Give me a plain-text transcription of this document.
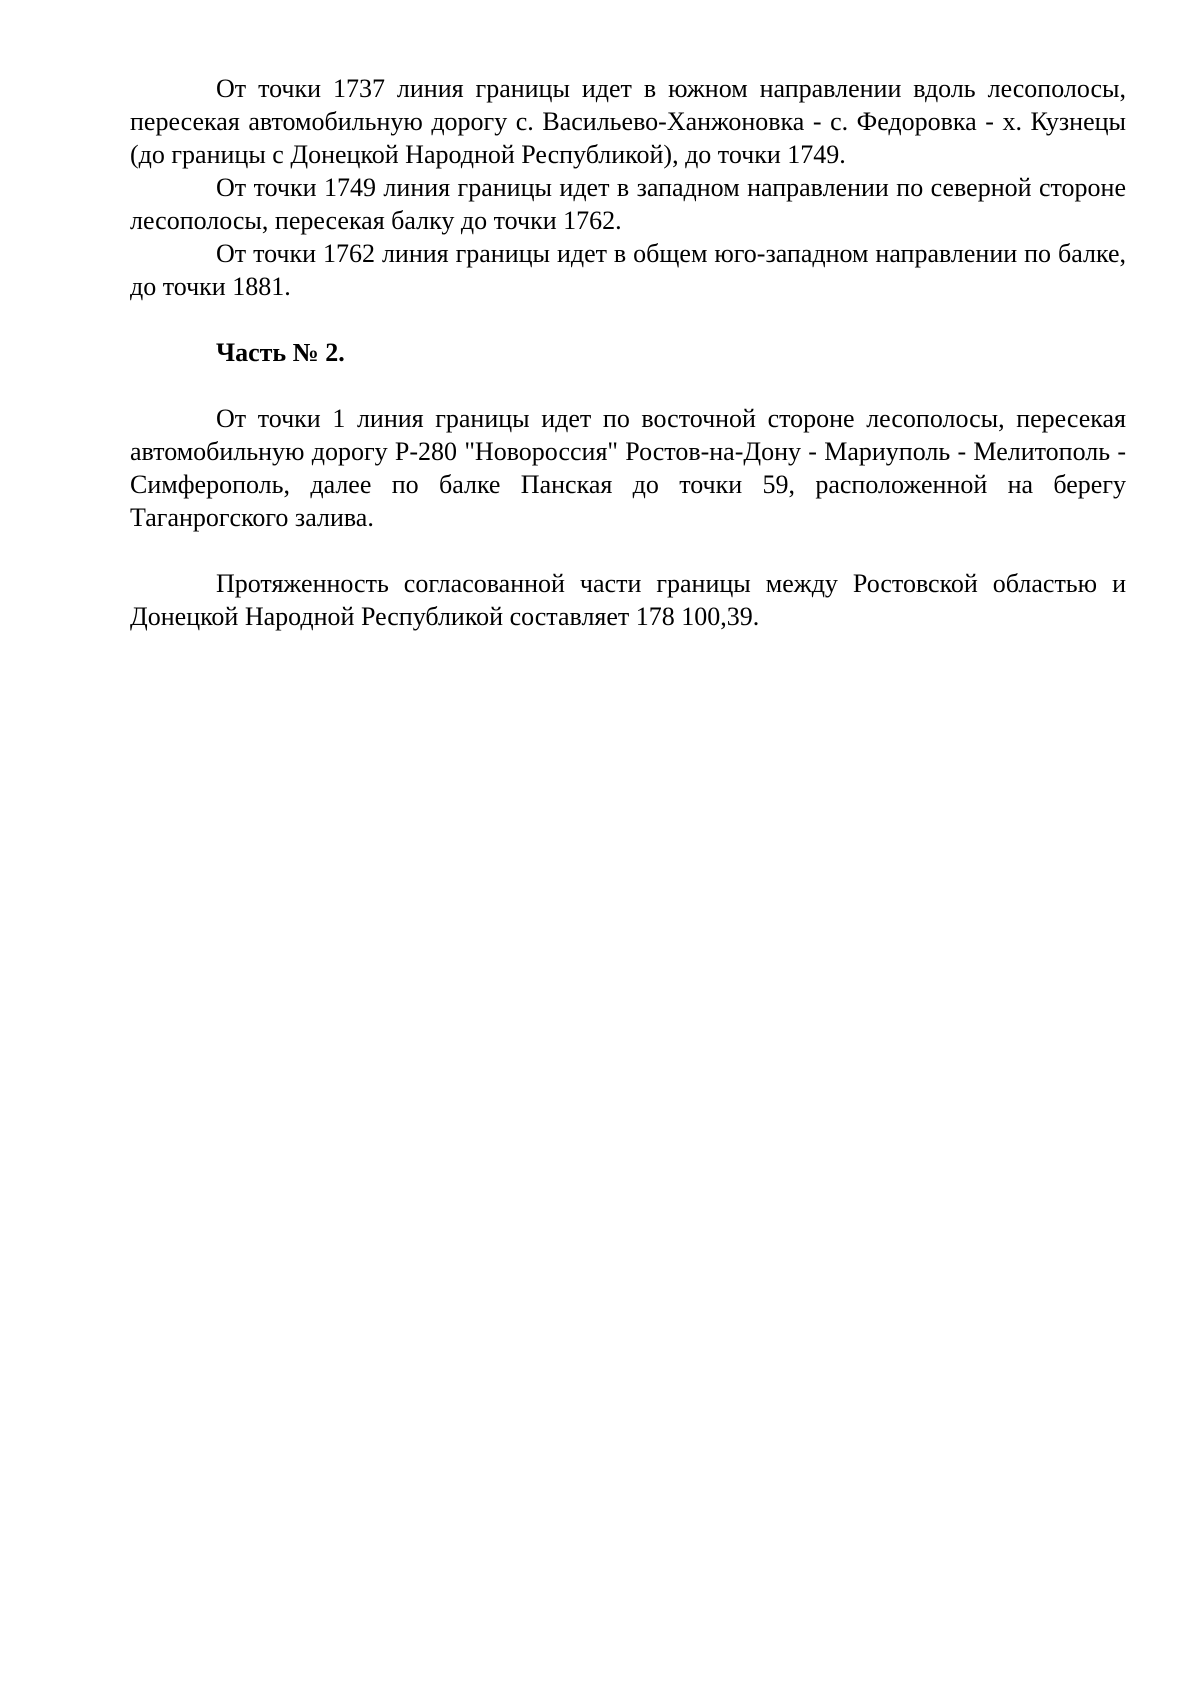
От точки 1737 линия границы идет в южном направлении вдоль лесополосы, пересекая автомобильную дорогу с. Васильево-Ханжоновка - с. Федоровка - х. Кузнецы (до границы с Донецкой Народной Республикой), до точки 1749.

От точки 1749 линия границы идет в западном направлении по северной стороне лесополосы, пересекая балку до точки 1762.

От точки 1762 линия границы идет в общем юго-западном направлении по балке, до точки 1881.

Часть № 2.

От точки 1 линия границы идет по восточной стороне лесополосы, пересекая автомобильную дорогу Р-280 "Новороссия" Ростов-на-Дону - Мариуполь - Мелитополь - Симферополь, далее по балке Панская до точки 59, расположенной на берегу Таганрогского залива.

Протяженность согласованной части границы между Ростовской областью и Донецкой Народной Республикой составляет 178 100,39.
